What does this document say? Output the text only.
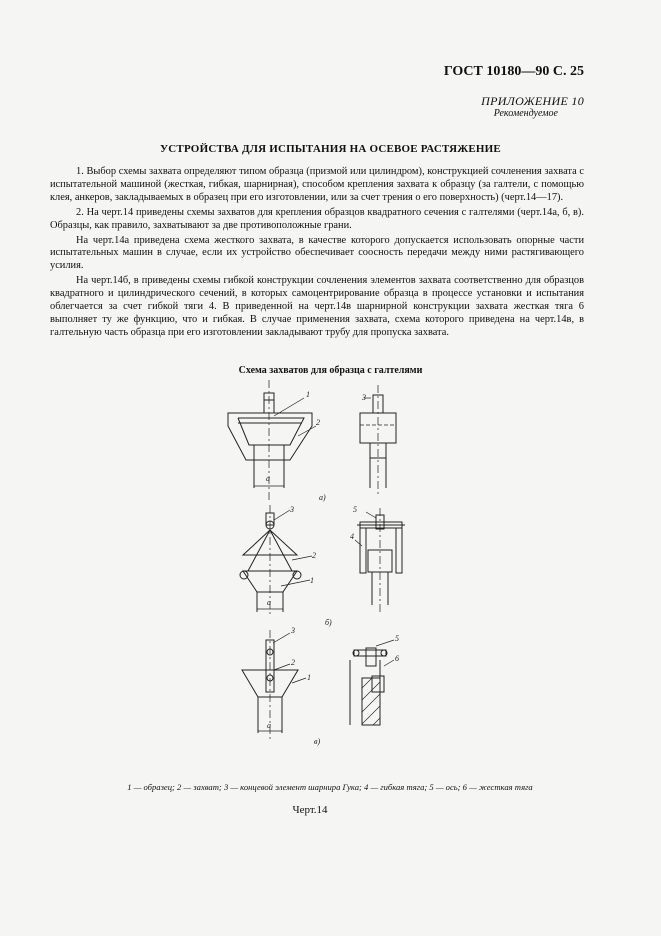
ГОСТ 10180—90 С. 25
ПРИЛОЖЕНИЕ 10
Рекомендуемое
УСТРОЙСТВА ДЛЯ ИСПЫТАНИЯ НА ОСЕВОЕ РАСТЯЖЕНИЕ

1. Выбор схемы захвата определяют типом образца (призмой или цилиндром), конструкцией сочленения захвата с испытательной машиной (жесткая, гибкая, шарнирная), способом крепления захвата к образцу (за галтели, с помощью клея, анкеров, закладываемых в образец при его изготовлении, или за счет трения о его поверхность) (черт.14—17).

2. На черт.14 приведены схемы захватов для крепления образцов квадратного сечения с галтелями (черт.14а, б, в). Образцы, как правило, захватывают за две противоположные грани.

На черт.14а приведена схема жесткого захвата, в качестве которого допускается использовать опорные части испытательных машин в случае, если их устройство обеспечивает соосность передачи между ними растягивающего усилия.

На черт.14б, в приведены схемы гибкой конструкции сочленения элементов захвата соответственно для образцов квадратного и цилиндрического сечений, в которых самоцентрирование образца в процессе установки и испытания облегчается за счет гибкой тяги 4. В приведенной на черт.14в шарнирной конструкции захвата жесткая тяга 6 выполняет ту же функцию, что и гибкая. В случае применения захвата, схема которого приведена на черт.14в, в галтельную часть образца при его изготовлении закладывают трубу для пропуска захвата.

Схема захватов для образца с галтелями
1
2
3
a
а)
3
2
1
5
4
a
б)
3
2
1
5
6
a
в)
1 — образец; 2 — захват; 3 — концевой элемент шарнира Гука; 4 — гибкая тяга; 5 — ось; 6 — жесткая тяга
Черт.14
